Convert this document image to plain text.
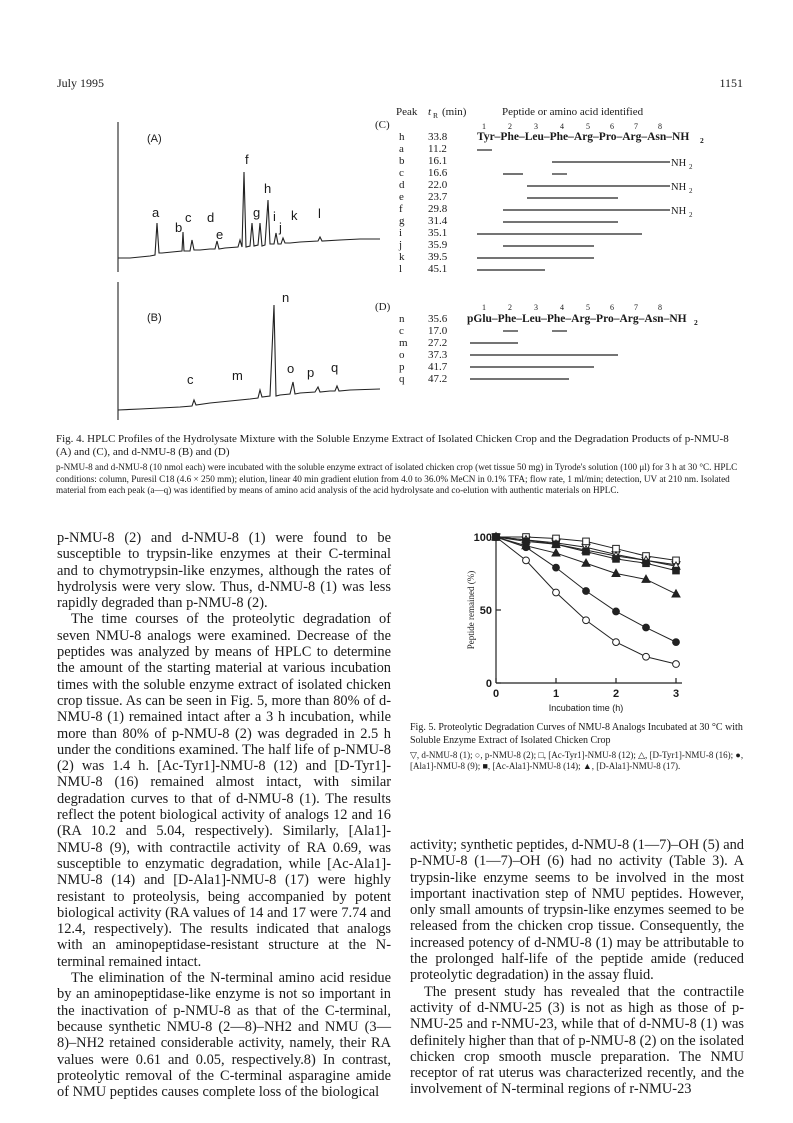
July 1995	1151
(A)
(B)
a
b
c d
e
f
g
h
i
j
k l
c	m
n
o p q
Peak t R (min)	Peptide or amino acid identified
(C)
(D)
1	2	3	4	5	6	7	8
1	2	3	4	5	6	7	8
Tyr–Phe–Leu–Phe–Arg–Pro–Arg–Asn–NH 2
pGlu–Phe–Leu–Phe–Arg–Pro–Arg–Asn–NH 2
h 33.8
a 11.2
b 16.1
c 16.6
d 22.0
e 23.7
f 29.8
g 31.4
i 35.1
j 35.9
k 39.5
l 45.1
n 35.6
c 17.0
m 27.2
o 37.3
p 41.7
q 47.2
NH 2
NH 2
NH 2
Fig. 4. HPLC Profiles of the Hydrolysate Mixture with the Soluble Enzyme Extract of Isolated Chicken Crop and the Degradation Products of p-NMU-8 (A) and (C), and d-NMU-8 (B) and (D)
p-NMU-8 and d-NMU-8 (10 nmol each) were incubated with the soluble enzyme extract of isolated chicken crop (wet tissue 50 mg) in Tyrode's solution (100 μl) for 3 h at 30 °C. HPLC conditions: column, Puresil C18 (4.6 × 250 mm); elution, linear 40 min gradient elution from 4.0 to 36.0% MeCN in 0.1% TFA; flow rate, 1 ml/min; detection, UV at 210 nm. Isolated material from each peak (a—q) was identified by means of amino acid analysis of the acid hydrolysate and co-elution with authentic materials on HPLC.

p-NMU-8 (2) and d-NMU-8 (1) were found to be susceptible to trypsin-like enzymes at their C-terminal and to chymotrypsin-like enzymes, although the rates of hydrolysis were very slow. Thus, d-NMU-8 (1) was less rapidly degraded than p-NMU-8 (2).

The time courses of the proteolytic degradation of seven NMU-8 analogs were examined. Decrease of the peptides was analyzed by means of HPLC to determine the amount of the starting material at various incubation times with the soluble enzyme extract of isolated chicken crop tissue. As can be seen in Fig. 5, more than 80% of d-NMU-8 (1) remained intact after a 3 h incubation, while more than 80% of p-NMU-8 (2) was degraded in 2.5 h under the conditions examined. The half life of p-NMU-8 (2) was 1.4 h. [Ac-Tyr1]-NMU-8 (12) and [D-Tyr1]-NMU-8 (16) remained almost intact, with similar degradation curves to that of d-NMU-8 (1). The results reflect the potent biological activity of analogs 12 and 16 (RA 10.2 and 5.04, respectively). Similarly, [Ala1]-NMU-8 (9), with contractile activity of RA 0.69, was susceptible to enzymatic degradation, while [Ac-Ala1]-NMU-8 (14) and [D-Ala1]-NMU-8 (17) were highly resistant to proteolysis, being accompanied by potent biological activity (RA values of 14 and 17 were 7.74 and 12.4, respectively). The results indicated that analogs with an aminopeptidase-resistant structure at the N-terminal remained intact.

The elimination of the N-terminal amino acid residue by an aminopeptidase-like enzyme is not so important in the inactivation of p-NMU-8 as that of the C-terminal, because synthetic NMU-8 (2—8)–NH2 and NMU (3—8)–NH2 retained considerable activity, namely, their RA values were 0.61 and 0.05, respectively.8) In contrast, proteolytic removal of the C-terminal asparagine amide of NMU peptides causes complete loss of the biological

0	1	2	3
0
50
100
Incubation time (h)
Peptide remained (%)
Fig. 5. Proteolytic Degradation Curves of NMU-8 Analogs Incubated at 30 °C with Soluble Enzyme Extract of Isolated Chicken Crop
▽, d-NMU-8 (1); ○, p-NMU-8 (2); □, [Ac-Tyr1]-NMU-8 (12); △, [D-Tyr1]-NMU-8 (16); ●, [Ala1]-NMU-8 (9); ■, [Ac-Ala1]-NMU-8 (14); ▲, [D-Ala1]-NMU-8 (17).

activity; synthetic peptides, d-NMU-8 (1—7)–OH (5) and p-NMU-8 (1—7)–OH (6) had no activity (Table 3). A trypsin-like enzyme seems to be involved in the most important inactivation step of NMU peptides. However, only small amounts of trypsin-like enzymes seemed to be released from the chicken crop tissue. Consequently, the increased potency of d-NMU-8 (1) may be attributable to the prolonged half-life of the peptide amide (reduced proteolytic degradation) in the assay fluid.

The present study has revealed that the contractile activity of d-NMU-25 (3) is not as high as those of p-NMU-25 and r-NMU-23, while that of d-NMU-8 (1) was definitely higher than that of p-NMU-8 (2) on the isolated chicken crop smooth muscle preparation. The NMU receptor of rat uterus was characterized recently, and the involvement of N-terminal regions of r-NMU-23
